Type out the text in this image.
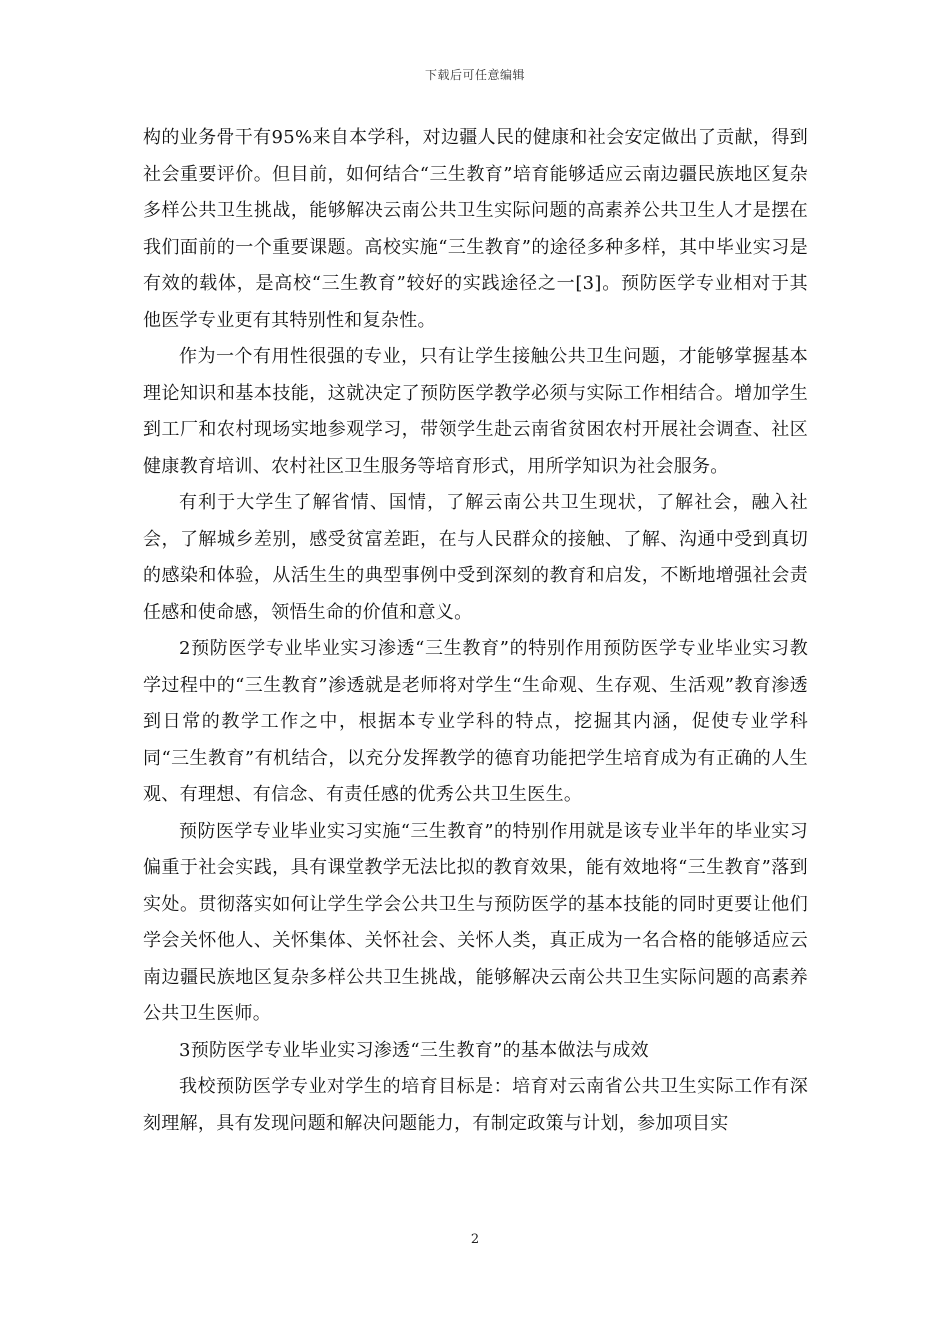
下载后可任意编辑

构的业务骨干有95%来自本学科，对边疆人民的健康和社会安定做出了贡献，得到社会重要评价。但目前，如何结合“三生教育”培育能够适应云南边疆民族地区复杂多样公共卫生挑战，能够解决云南公共卫生实际问题的高素养公共卫生人才是摆在我们面前的一个重要课题。高校实施“三生教育”的途径多种多样，其中毕业实习是有效的载体，是高校“三生教育”较好的实践途径之一[3]。预防医学专业相对于其他医学专业更有其特别性和复杂性。

作为一个有用性很强的专业，只有让学生接触公共卫生问题，才能够掌握基本理论知识和基本技能，这就决定了预防医学教学必须与实际工作相结合。增加学生到工厂和农村现场实地参观学习，带领学生赴云南省贫困农村开展社会调查、社区健康教育培训、农村社区卫生服务等培育形式，用所学知识为社会服务。

有利于大学生了解省情、国情，了解云南公共卫生现状，了解社会，融入社会，了解城乡差别，感受贫富差距，在与人民群众的接触、了解、沟通中受到真切的感染和体验，从活生生的典型事例中受到深刻的教育和启发，不断地增强社会责任感和使命感，领悟生命的价值和意义。

2预防医学专业毕业实习渗透“三生教育”的特别作用预防医学专业毕业实习教学过程中的“三生教育”渗透就是老师将对学生“生命观、生存观、生活观”教育渗透到日常的教学工作之中，根据本专业学科的特点，挖掘其内涵，促使专业学科同“三生教育”有机结合，以充分发挥教学的德育功能把学生培育成为有正确的人生观、有理想、有信念、有责任感的优秀公共卫生医生。

预防医学专业毕业实习实施“三生教育”的特别作用就是该专业半年的毕业实习偏重于社会实践，具有课堂教学无法比拟的教育效果，能有效地将“三生教育”落到实处。贯彻落实如何让学生学会公共卫生与预防医学的基本技能的同时更要让他们学会关怀他人、关怀集体、关怀社会、关怀人类，真正成为一名合格的能够适应云南边疆民族地区复杂多样公共卫生挑战，能够解决云南公共卫生实际问题的高素养公共卫生医师。

3预防医学专业毕业实习渗透“三生教育”的基本做法与成效

我校预防医学专业对学生的培育目标是：培育对云南省公共卫生实际工作有深刻理解，具有发现问题和解决问题能力，有制定政策与计划，参加项目实

2
